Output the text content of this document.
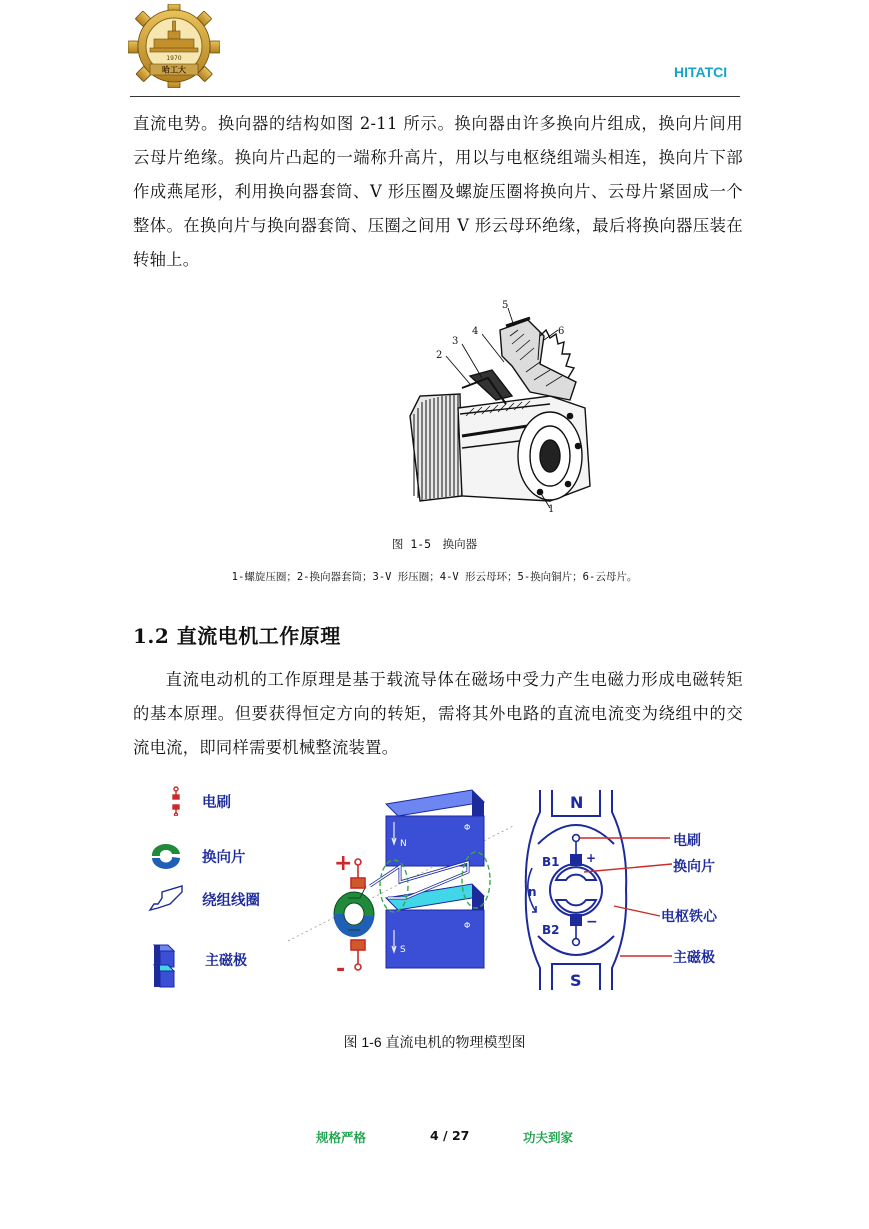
1970
哈工大	HITATCI

直流电势。换向器的结构如图 2-11 所示。换向器由许多换向片组成，换向片间用云母片绝缘。换向片凸起的一端称升高片，用以与电枢绕组端头相连，换向片下部作成燕尾形，利用换向器套筒、V 形压圈及螺旋压圈将换向片、云母片紧固成一个整体。在换向片与换向器套筒、压圈之间用 V 形云母环绝缘，最后将换向器压装在转轴上。

2
3
4
5
6
1
图 1-5　换向器
1-螺旋压圈；2-换向器套筒；3-V 形压圈；4-V 形云母环；5-换向铜片；6-云母片。
1.2 直流电机工作原理

直流电动机的工作原理是基于载流导体在磁场中受力产生电磁力形成电磁转矩的基本原理。但要获得恒定方向的转矩，需将其外电路的直流电流变为绕组中的交流电流，即同样需要机械整流装置。

电刷
换向片
绕组线圈
主磁极
N
Φ
S
Φ
+
-
N
S
B1
B2
n
+
−
电刷
换向片
电枢铁心
主磁极
图 1-6 直流电机的物理模型图
规格严格	4 / 27	功夫到家
